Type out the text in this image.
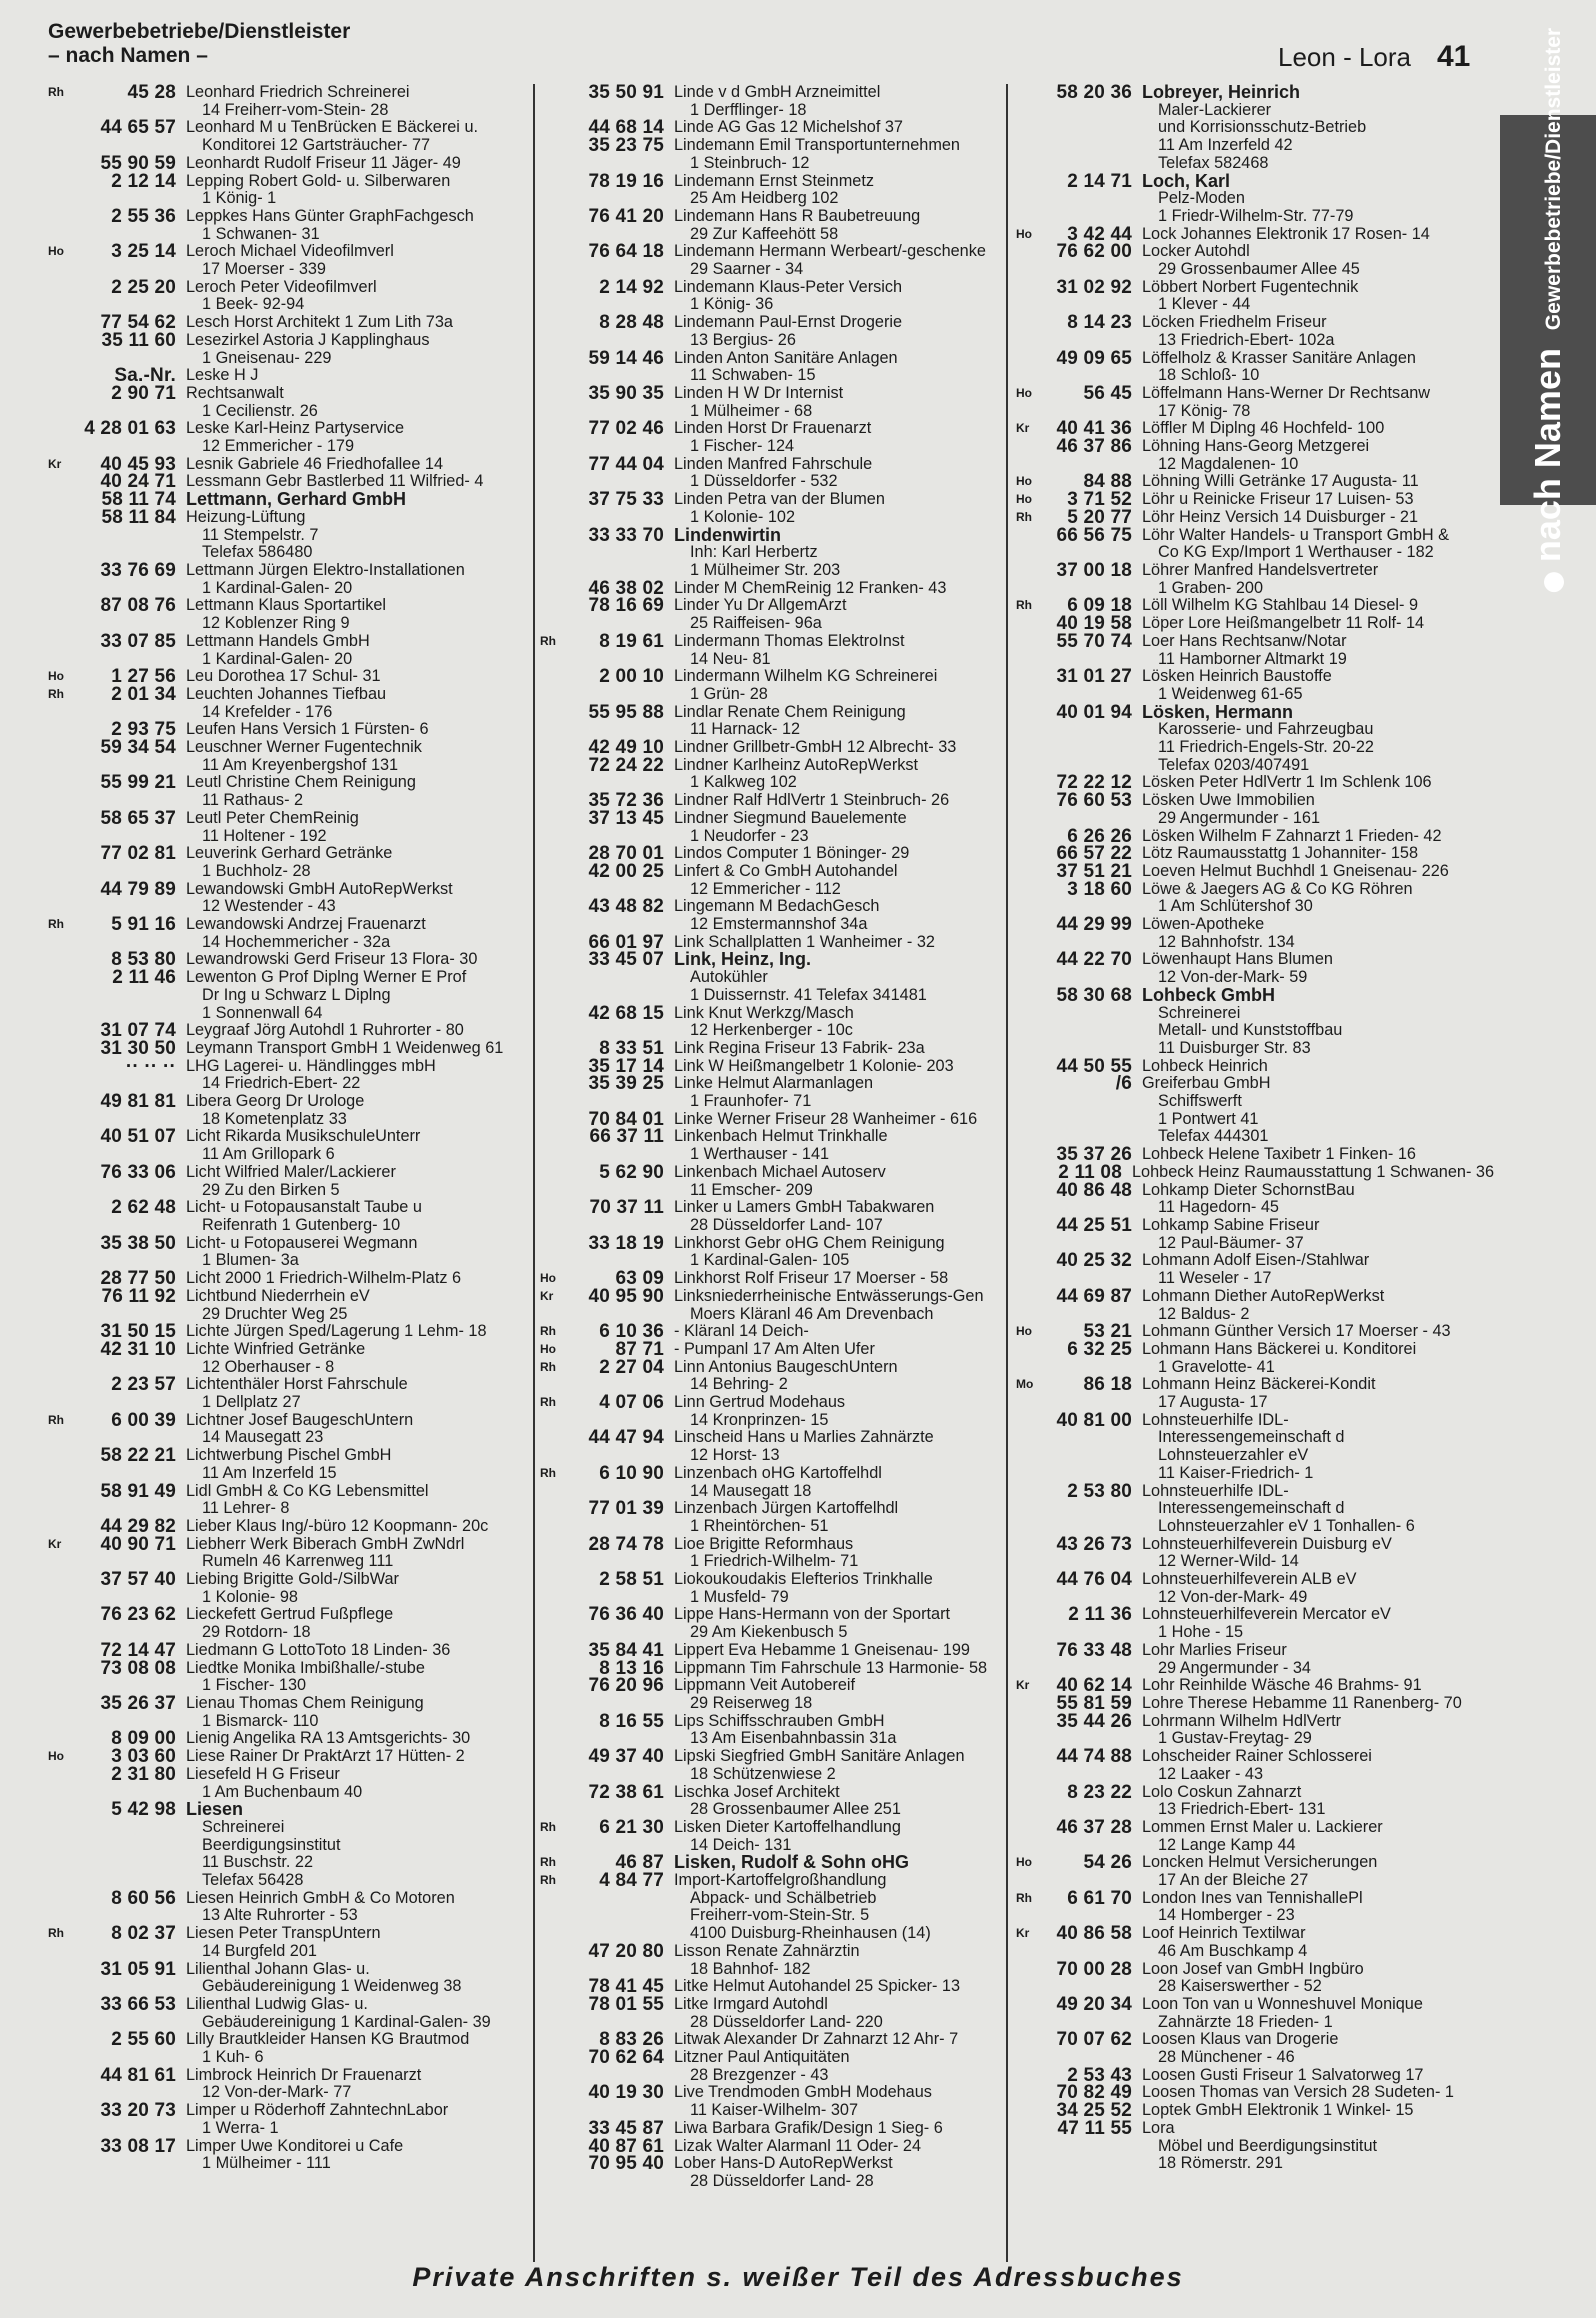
Gewerbebetriebe/Dienstleister
– nach Namen –	Leon - Lora 41
nach Namen Gewerbebetriebe/Dienstleister
Rh	45 28 Leonhard Friedrich Schreinerei
14 Freiherr-vom-Stein- 28
44 65 57 Leonhard M u TenBrücken E Bäckerei u.
Konditorei 12 Gartsträucher- 77
55 90 59 Leonhardt Rudolf Friseur 11 Jäger- 49
2 12 14 Lepping Robert Gold- u. Silberwaren
1 König- 1
2 55 36 Leppkes Hans Günter GraphFachgesch
1 Schwanen- 31
Ho	3 25 14 Leroch Michael Videofilmverl
17 Moerser - 339
2 25 20 Leroch Peter Videofilmverl
1 Beek- 92-94
77 54 62 Lesch Horst Architekt 1 Zum Lith 73a
35 11 60 Lesezirkel Astoria J Kapplinghaus
1 Gneisenau- 229
Sa.-Nr. Leske H J
2 90 71 Rechtsanwalt
1 Cecilienstr. 26
4 28 01 63 Leske Karl-Heinz Partyservice
12 Emmericher - 179
Kr	40 45 93 Lesnik Gabriele 46 Friedhofallee 14
40 24 71 Lessmann Gebr Bastlerbed 11 Wilfried- 4
58 11 74 Lettmann, Gerhard GmbH
58 11 84 Heizung-Lüftung
11 Stempelstr. 7
Telefax 586480
33 76 69 Lettmann Jürgen Elektro-Installationen
1 Kardinal-Galen- 20
87 08 76 Lettmann Klaus Sportartikel
12 Koblenzer Ring 9
33 07 85 Lettmann Handels GmbH
1 Kardinal-Galen- 20
Ho	1 27 56 Leu Dorothea 17 Schul- 31
Rh	2 01 34 Leuchten Johannes Tiefbau
14 Krefelder - 176
2 93 75 Leufen Hans Versich 1 Fürsten- 6
59 34 54 Leuschner Werner Fugentechnik
11 Am Kreyenbergshof 131
55 99 21 Leutl Christine Chem Reinigung
11 Rathaus- 2
58 65 37 Leutl Peter ChemReinig
11 Holtener - 192
77 02 81 Leuverink Gerhard Getränke
1 Buchholz- 28
44 79 89 Lewandowski GmbH AutoRepWerkst
12 Westender - 43
Rh	5 91 16 Lewandowski Andrzej Frauenarzt
14 Hochemmericher - 32a
8 53 80 Lewandrowski Gerd Friseur 13 Flora- 30
2 11 46 Lewenton G Prof Diplng Werner E Prof
Dr Ing u Schwarz L Diplng
1 Sonnenwall 64
31 07 74 Leygraaf Jörg Autohdl 1 Ruhrorter - 80
31 30 50 Leymann Transport GmbH 1 Weidenweg 61
·· ·· ·· LHG Lagerei- u. Händlingges mbH
14 Friedrich-Ebert- 22
49 81 81 Libera Georg Dr Urologe
18 Kometenplatz 33
40 51 07 Licht Rikarda MusikschuleUnterr
11 Am Grillopark 6
76 33 06 Licht Wilfried Maler/Lackierer
29 Zu den Birken 5
2 62 48 Licht- u Fotopausanstalt Taube u
Reifenrath 1 Gutenberg- 10
35 38 50 Licht- u Fotopauserei Wegmann
1 Blumen- 3a
28 77 50 Licht 2000 1 Friedrich-Wilhelm-Platz 6
76 11 92 Lichtbund Niederrhein eV
29 Druchter Weg 25
31 50 15 Lichte Jürgen Sped/Lagerung 1 Lehm- 18
42 31 10 Lichte Winfried Getränke
12 Oberhauser - 8
2 23 57 Lichtenthäler Horst Fahrschule
1 Dellplatz 27
Rh	6 00 39 Lichtner Josef BaugeschUntern
14 Mausegatt 23
58 22 21 Lichtwerbung Pischel GmbH
11 Am Inzerfeld 15
58 91 49 Lidl GmbH & Co KG Lebensmittel
11 Lehrer- 8
44 29 82 Lieber Klaus Ing/-büro 12 Koopmann- 20c
Kr	40 90 71 Liebherr Werk Biberach GmbH ZwNdrl
Rumeln 46 Karrenweg 111
37 57 40 Liebing Brigitte Gold-/SilbWar
1 Kolonie- 98
76 23 62 Lieckefett Gertrud Fußpflege
29 Rotdorn- 18
72 14 47 Liedmann G LottoToto 18 Linden- 36
73 08 08 Liedtke Monika Imbißhalle/-stube
1 Fischer- 130
35 26 37 Lienau Thomas Chem Reinigung
1 Bismarck- 110
8 09 00 Lienig Angelika RA 13 Amtsgerichts- 30
Ho	3 03 60 Liese Rainer Dr PraktArzt 17 Hütten- 2
2 31 80 Liesefeld H G Friseur
1 Am Buchenbaum 40
5 42 98 Liesen
Schreinerei
Beerdigungsinstitut
11 Buschstr. 22
Telefax 56428
8 60 56 Liesen Heinrich GmbH & Co Motoren
13 Alte Ruhrorter - 53
Rh	8 02 37 Liesen Peter TranspUntern
14 Burgfeld 201
31 05 91 Lilienthal Johann Glas- u.
Gebäudereinigung 1 Weidenweg 38
33 66 53 Lilienthal Ludwig Glas- u.
Gebäudereinigung 1 Kardinal-Galen- 39
2 55 60 Lilly Brautkleider Hansen KG Brautmod
1 Kuh- 6
44 81 61 Limbrock Heinrich Dr Frauenarzt
12 Von-der-Mark- 77
33 20 73 Limper u Röderhoff ZahntechnLabor
1 Werra- 1
33 08 17 Limper Uwe Konditorei u Cafe
1 Mülheimer - 111
35 50 91 Linde v d GmbH Arzneimittel
1 Derfflinger- 18
44 68 14 Linde AG Gas 12 Michelshof 37
35 23 75 Lindemann Emil Transportunternehmen
1 Steinbruch- 12
78 19 16 Lindemann Ernst Steinmetz
25 Am Heidberg 102
76 41 20 Lindemann Hans R Baubetreuung
29 Zur Kaffeehött 58
76 64 18 Lindemann Hermann Werbeart/-geschenke
29 Saarner - 34
2 14 92 Lindemann Klaus-Peter Versich
1 König- 36
8 28 48 Lindemann Paul-Ernst Drogerie
13 Bergius- 26
59 14 46 Linden Anton Sanitäre Anlagen
11 Schwaben- 15
35 90 35 Linden H W Dr Internist
1 Mülheimer - 68
77 02 46 Linden Horst Dr Frauenarzt
1 Fischer- 124
77 44 04 Linden Manfred Fahrschule
1 Düsseldorfer - 532
37 75 33 Linden Petra van der Blumen
1 Kolonie- 102
33 33 70 Lindenwirtin
Inh: Karl Herbertz
1 Mülheimer Str. 203
46 38 02 Linder M ChemReinig 12 Franken- 43
78 16 69 Linder Yu Dr AllgemArzt
25 Raiffeisen- 96a
Rh	8 19 61 Lindermann Thomas ElektroInst
14 Neu- 81
2 00 10 Lindermann Wilhelm KG Schreinerei
1 Grün- 28
55 95 88 Lindlar Renate Chem Reinigung
11 Harnack- 12
42 49 10 Lindner Grillbetr-GmbH 12 Albrecht- 33
72 24 22 Lindner Karlheinz AutoRepWerkst
1 Kalkweg 102
35 72 36 Lindner Ralf HdlVertr 1 Steinbruch- 26
37 13 45 Lindner Siegmund Bauelemente
1 Neudorfer - 23
28 70 01 Lindos Computer 1 Böninger- 29
42 00 25 Linfert & Co GmbH Autohandel
12 Emmericher - 112
43 48 82 Lingemann M BedachGesch
12 Emstermannshof 34a
66 01 97 Link Schallplatten 1 Wanheimer - 32
33 45 07 Link, Heinz, Ing.
Autokühler
1 Duissernstr. 41 Telefax 341481
42 68 15 Link Knut Werkzg/Masch
12 Herkenberger - 10c
8 33 51 Link Regina Friseur 13 Fabrik- 23a
35 17 14 Link W Heißmangelbetr 1 Kolonie- 203
35 39 25 Linke Helmut Alarmanlagen
1 Fraunhofer- 71
70 84 01 Linke Werner Friseur 28 Wanheimer - 616
66 37 11 Linkenbach Helmut Trinkhalle
1 Werthauser - 141
5 62 90 Linkenbach Michael Autoserv
11 Emscher- 209
70 37 11 Linker u Lamers GmbH Tabakwaren
28 Düsseldorfer Land- 107
33 18 19 Linkhorst Gebr oHG Chem Reinigung
1 Kardinal-Galen- 105
Ho	63 09 Linkhorst Rolf Friseur 17 Moerser - 58
Kr	40 95 90 Linksniederrheinische Entwässerungs-Gen
Moers Kläranl 46 Am Drevenbach
Rh	6 10 36 - Kläranl 14 Deich-
Ho	87 71 - Pumpanl 17 Am Alten Ufer
Rh	2 27 04 Linn Antonius BaugeschUntern
14 Behring- 2
Rh	4 07 06 Linn Gertrud Modehaus
14 Kronprinzen- 15
44 47 94 Linscheid Hans u Marlies Zahnärzte
12 Horst- 13
Rh	6 10 90 Linzenbach oHG Kartoffelhdl
14 Mausegatt 18
77 01 39 Linzenbach Jürgen Kartoffelhdl
1 Rheintörchen- 51
28 74 78 Lioe Brigitte Reformhaus
1 Friedrich-Wilhelm- 71
2 58 51 Liokoukoudakis Elefterios Trinkhalle
1 Musfeld- 79
76 36 40 Lippe Hans-Hermann von der Sportart
29 Am Kiekenbusch 5
35 84 41 Lippert Eva Hebamme 1 Gneisenau- 199
8 13 16 Lippmann Tim Fahrschule 13 Harmonie- 58
76 20 96 Lippmann Veit Autobereif
29 Reiserweg 18
8 16 55 Lips Schiffsschrauben GmbH
13 Am Eisenbahnbassin 31a
49 37 40 Lipski Siegfried GmbH Sanitäre Anlagen
18 Schützenwiese 2
72 38 61 Lischka Josef Architekt
28 Grossenbaumer Allee 251
Rh	6 21 30 Lisken Dieter Kartoffelhandlung
14 Deich- 131
Rh	46 87 Lisken, Rudolf & Sohn oHG
Rh	4 84 77 Import-Kartoffelgroßhandlung
Abpack- und Schälbetrieb
Freiherr-vom-Stein-Str. 5
4100 Duisburg-Rheinhausen (14)
47 20 80 Lisson Renate Zahnärztin
18 Bahnhof- 182
78 41 45 Litke Helmut Autohandel 25 Spicker- 13
78 01 55 Litke Irmgard Autohdl
28 Düsseldorfer Land- 220
8 83 26 Litwak Alexander Dr Zahnarzt 12 Ahr- 7
70 62 64 Litzner Paul Antiquitäten
28 Brezgenzer - 43
40 19 30 Live Trendmoden GmbH Modehaus
11 Kaiser-Wilhelm- 307
33 45 87 Liwa Barbara Grafik/Design 1 Sieg- 6
40 87 61 Lizak Walter Alarmanl 11 Oder- 24
70 95 40 Lober Hans-D AutoRepWerkst
28 Düsseldorfer Land- 28
58 20 36 Lobreyer, Heinrich
Maler-Lackierer
und Korrisionsschutz-Betrieb
11 Am Inzerfeld 42
Telefax 582468
2 14 71 Loch, Karl
Pelz-Moden
1 Friedr-Wilhelm-Str. 77-79
Ho	3 42 44 Lock Johannes Elektronik 17 Rosen- 14
76 62 00 Locker Autohdl
29 Grossenbaumer Allee 45
31 02 92 Löbbert Norbert Fugentechnik
1 Klever - 44
8 14 23 Löcken Friedhelm Friseur
13 Friedrich-Ebert- 102a
49 09 65 Löffelholz & Krasser Sanitäre Anlagen
18 Schloß- 10
Ho	56 45 Löffelmann Hans-Werner Dr Rechtsanw
17 König- 78
Kr	40 41 36 Löffler M Diplng 46 Hochfeld- 100
46 37 86 Löhning Hans-Georg Metzgerei
12 Magdalenen- 10
Ho	84 88 Löhning Willi Getränke 17 Augusta- 11
Ho	3 71 52 Löhr u Reinicke Friseur 17 Luisen- 53
Rh	5 20 77 Löhr Heinz Versich 14 Duisburger - 21
66 56 75 Löhr Walter Handels- u Transport GmbH &
Co KG Exp/Import 1 Werthauser - 182
37 00 18 Löhrer Manfred Handelsvertreter
1 Graben- 200
Rh	6 09 18 Löll Wilhelm KG Stahlbau 14 Diesel- 9
40 19 58 Löper Lore Heißmangelbetr 11 Rolf- 14
55 70 74 Loer Hans Rechtsanw/Notar
11 Hamborner Altmarkt 19
31 01 27 Lösken Heinrich Baustoffe
1 Weidenweg 61-65
40 01 94 Lösken, Hermann
Karosserie- und Fahrzeugbau
11 Friedrich-Engels-Str. 20-22
Telefax 0203/407491
72 22 12 Lösken Peter HdlVertr 1 Im Schlenk 106
76 60 53 Lösken Uwe Immobilien
29 Angermunder - 161
6 26 26 Lösken Wilhelm F Zahnarzt 1 Frieden- 42
66 57 22 Lötz Raumausstattg 1 Johanniter- 158
37 51 21 Loeven Helmut Buchhdl 1 Gneisenau- 226
3 18 60 Löwe & Jaegers AG & Co KG Röhren
1 Am Schlütershof 30
44 29 99 Löwen-Apotheke
12 Bahnhofstr. 134
44 22 70 Löwenhaupt Hans Blumen
12 Von-der-Mark- 59
58 30 68 Lohbeck GmbH
Schreinerei
Metall- und Kunststoffbau
11 Duisburger Str. 83
44 50 55 Lohbeck Heinrich
/6 Greiferbau GmbH
Schiffswerft
1 Pontwert 41
Telefax 444301
35 37 26 Lohbeck Helene Taxibetr 1 Finken- 16
2 11 08 Lohbeck Heinz Raumausstattung 1 Schwanen- 36
40 86 48 Lohkamp Dieter SchornstBau
11 Hagedorn- 45
44 25 51 Lohkamp Sabine Friseur
12 Paul-Bäumer- 37
40 25 32 Lohmann Adolf Eisen-/Stahlwar
11 Weseler - 17
44 69 87 Lohmann Diether AutoRepWerkst
12 Baldus- 2
Ho	53 21 Lohmann Günther Versich 17 Moerser - 43
6 32 25 Lohmann Hans Bäckerei u. Konditorei
1 Gravelotte- 41
Mo	86 18 Lohmann Heinz Bäckerei-Kondit
17 Augusta- 17
40 81 00 Lohnsteuerhilfe IDL-
Interessengemeinschaft d
Lohnsteuerzahler eV
11 Kaiser-Friedrich- 1
2 53 80 Lohnsteuerhilfe IDL-
Interessengemeinschaft d
Lohnsteuerzahler eV 1 Tonhallen- 6
43 26 73 Lohnsteuerhilfeverein Duisburg eV
12 Werner-Wild- 14
44 76 04 Lohnsteuerhilfeverein ALB eV
12 Von-der-Mark- 49
2 11 36 Lohnsteuerhilfeverein Mercator eV
1 Hohe - 15
76 33 48 Lohr Marlies Friseur
29 Angermunder - 34
Kr	40 62 14 Lohr Reinhilde Wäsche 46 Brahms- 91
55 81 59 Lohre Therese Hebamme 11 Ranenberg- 70
35 44 26 Lohrmann Wilhelm HdlVertr
1 Gustav-Freytag- 29
44 74 88 Lohscheider Rainer Schlosserei
12 Laaker - 43
8 23 22 Lolo Coskun Zahnarzt
13 Friedrich-Ebert- 131
46 37 28 Lommen Ernst Maler u. Lackierer
12 Lange Kamp 44
Ho	54 26 Loncken Helmut Versicherungen
17 An der Bleiche 27
Rh	6 61 70 London Ines van TennishallePl
14 Homberger - 23
Kr	40 86 58 Loof Heinrich Textilwar
46 Am Buschkamp 4
70 00 28 Loon Josef van GmbH Ingbüro
28 Kaiserswerther - 52
49 20 34 Loon Ton van u Wonneshuvel Monique
Zahnärzte 18 Frieden- 1
70 07 62 Loosen Klaus van Drogerie
28 Münchener - 46
2 53 43 Loosen Gusti Friseur 1 Salvatorweg 17
70 82 49 Loosen Thomas van Versich 28 Sudeten- 1
34 25 52 Loptek GmbH Elektronik 1 Winkel- 15
47 11 55 Lora
Möbel und Beerdigungsinstitut
18 Römerstr. 291
Private Anschriften s. weißer Teil des Adressbuches
